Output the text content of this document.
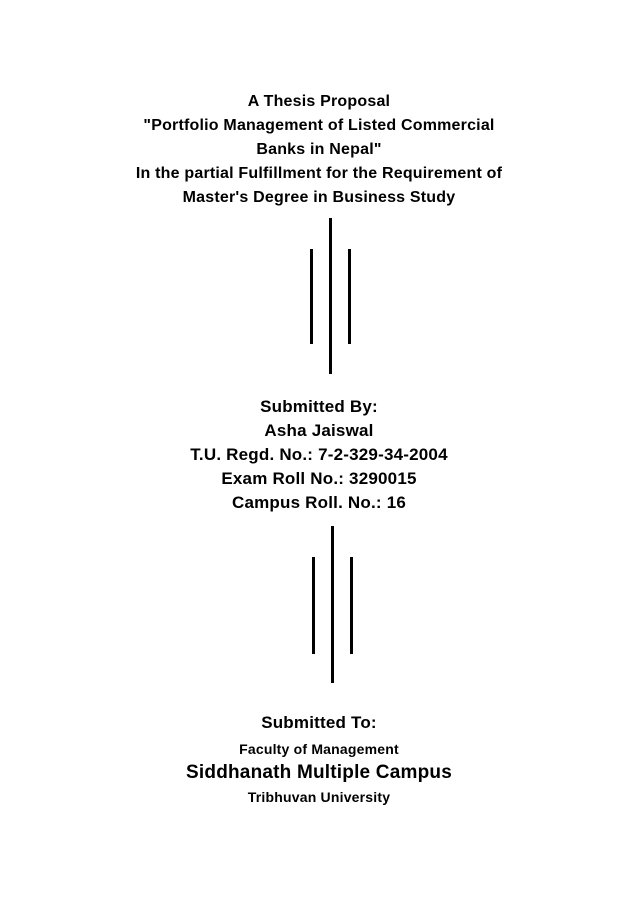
A Thesis Proposal
"Portfolio Management of Listed Commercial
Banks in Nepal"
In the partial Fulfillment for the Requirement of
Master's Degree in Business Study
Submitted By:
Asha Jaiswal
T.U. Regd. No.: 7-2-329-34-2004
Exam Roll No.: 3290015
Campus Roll. No.: 16
Submitted To:
Faculty of Management
Siddhanath Multiple Campus
Tribhuvan University
